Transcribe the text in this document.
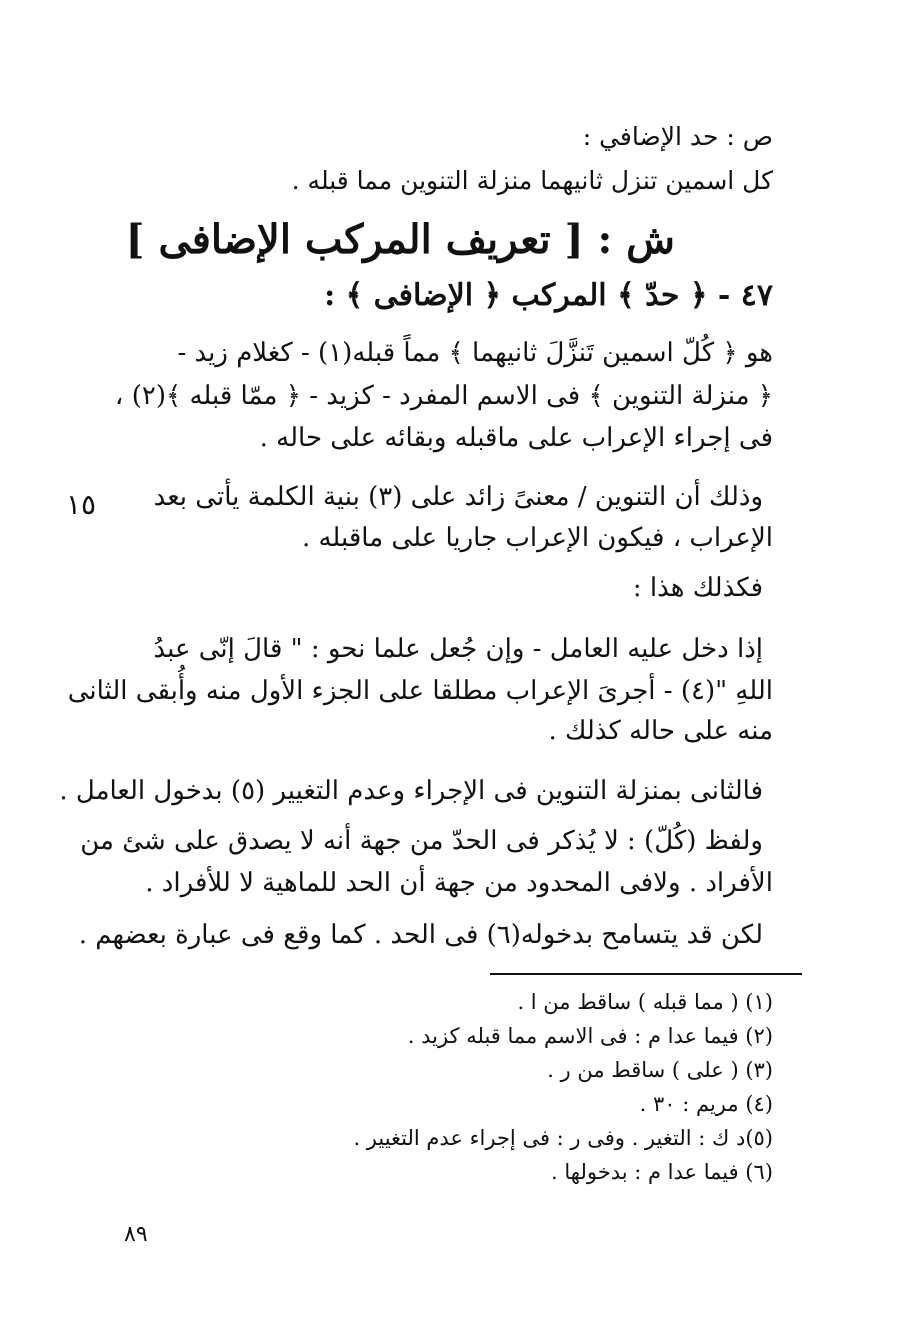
ص : حد الإضافي :
كل اسمين تنزل ثانيهما منزلة التنوين مما قبله .
ش : [ تعريف المركب الإضافى ]
٤٧ - ﴿ حدّ ﴾ المركب ﴿ الإضافى ﴾ :
هو ﴿ كُلّ اسمين تَنزَّلَ ثانيهما ﴾ مماً قبله(١) - كغلام زيد -
﴿ منزلة التنوين ﴾ فى الاسم المفرد - كزيد - ﴿ ممّا قبله ﴾(٢) ،
فى إجراء الإعراب على ماقبله وبقائه على حاله .
وذلك أن التنوين / معنىً زائد على (٣) بنية الكلمة يأتى بعد
١٥
الإعراب ، فيكون الإعراب جاريا على ماقبله .
فكذلك هذا :
إذا دخل عليه العامل - وإن جُعل علما نحو : " قالَ إنّى عبدُ
اللهِ "(٤) - أجرىَ الإعراب مطلقا على الجزء الأول منه وأُبقى الثانى
منه على حاله كذلك .
فالثانى بمنزلة التنوين فى الإجراء وعدم التغيير (٥) بدخول العامل .
ولفظ (كُلّ) : لا يُذكر فى الحدّ من جهة أنه لا يصدق على شئ من
الأفراد . ولافى المحدود من جهة أن الحد للماهية لا للأفراد .
لكن قد يتسامح بدخوله(٦) فى الحد . كما وقع فى عبارة بعضهم .
(١) ( مما قبله ) ساقط من ا .
(٢) فيما عدا م : فى الاسم مما قبله كزيد .
(٣) ( على ) ساقط من ر .
(٤) مريم : ٣٠ .
(٥)د ك : التغير . وفى ر : فى إجراء عدم التغيير .
(٦) فيما عدا م : بدخولها .
٨٩
